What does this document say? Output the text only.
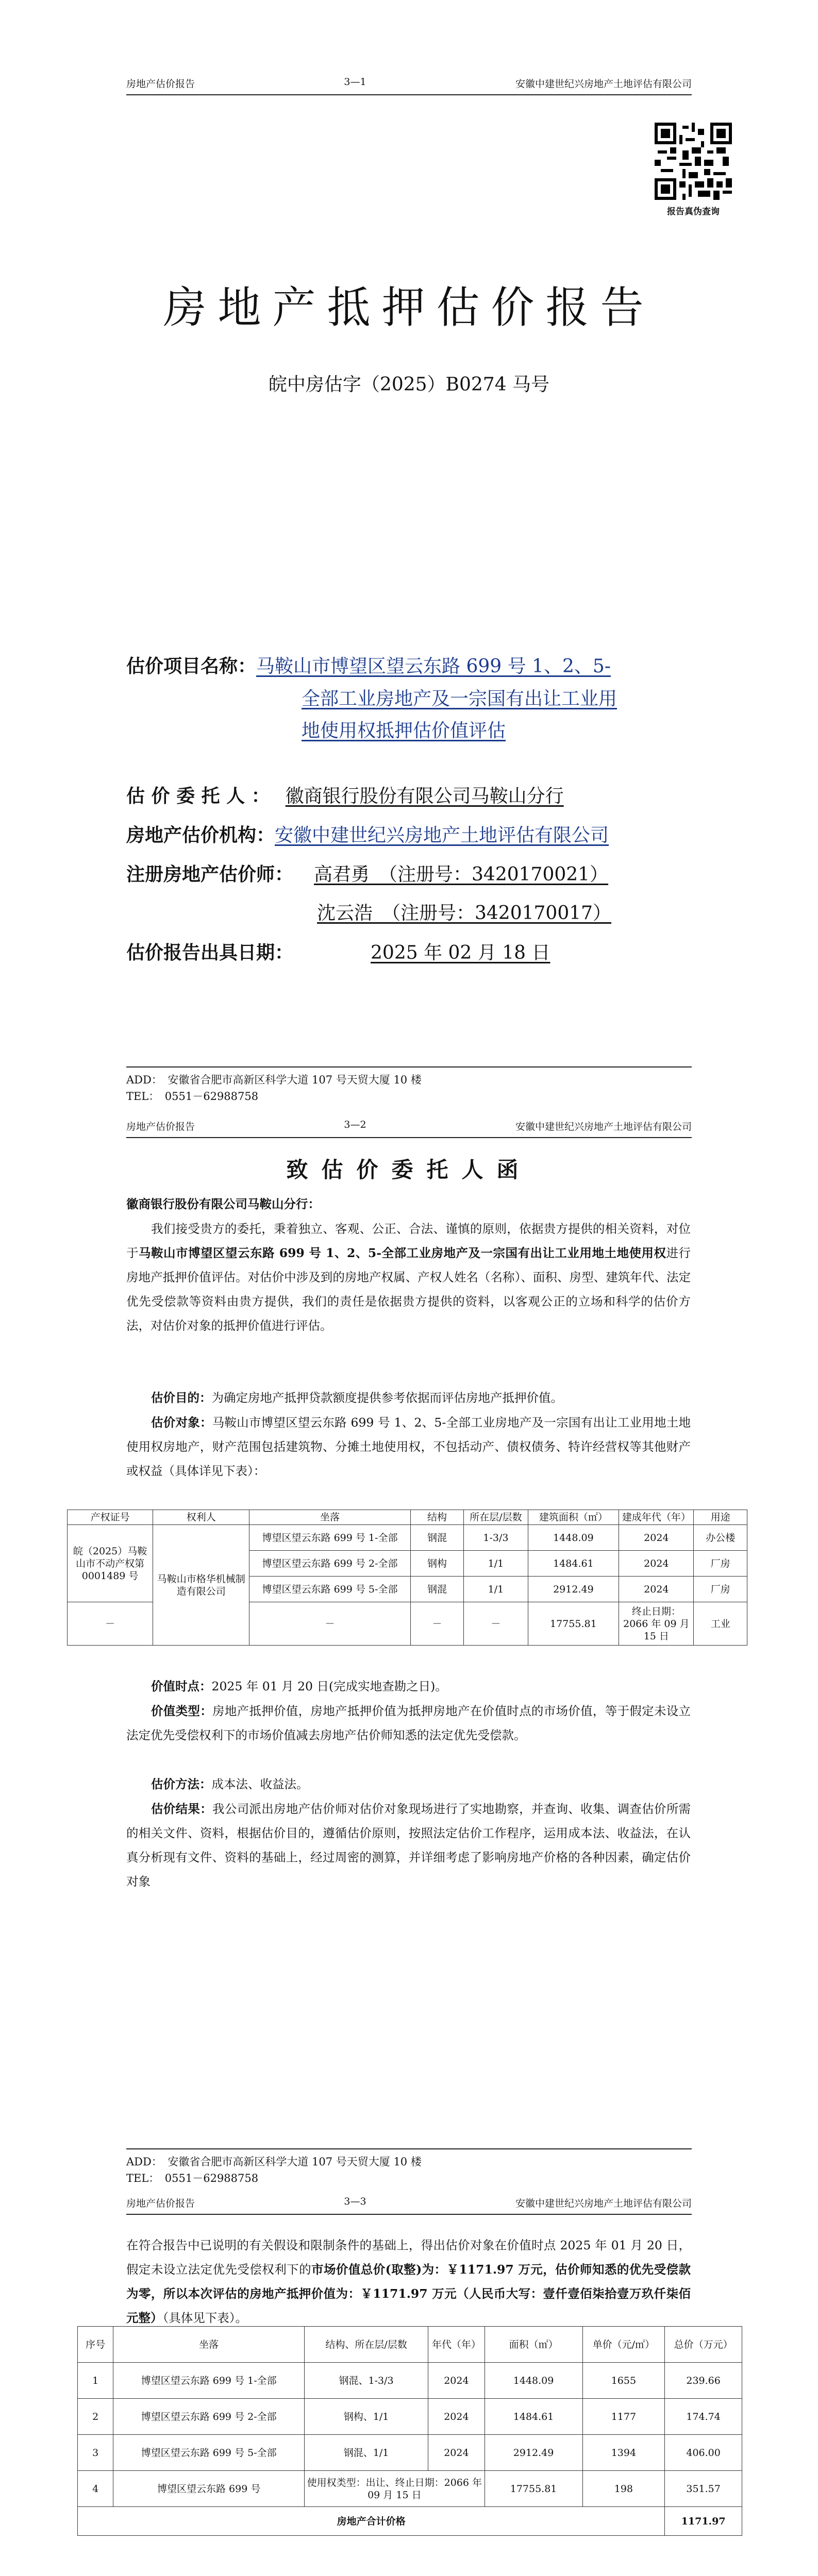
房地产估价报告	3—1	安徽中建世纪兴房地产土地评估有限公司
报告真伪查询
房地产抵押估价报告
皖中房估字（2025）B0274 马号
估价项目名称：马鞍山市博望区望云东路 699 号 1、2、5-
全部工业房地产及一宗国有出让工业用
地使用权抵押估价值评估
估 价 委 托 人 ： 徽商银行股份有限公司马鞍山分行
房地产估价机构：安徽中建世纪兴房地产土地评估有限公司
注册房地产估价师： 高君勇　（注册号：3420170021）
沈云浩　（注册号：3420170017）
估价报告出具日期：	2025 年 02 月 18 日
ADD：　安徽省合肥市高新区科学大道 107 号天贸大厦 10 楼
TEL：　0551－62988758
房地产估价报告	3—2	安徽中建世纪兴房地产土地评估有限公司
致估价委托人函
徽商银行股份有限公司马鞍山分行：
我们接受贵方的委托，秉着独立、客观、公正、合法、谨慎的原则，依据贵方提供的相关资料，对位于马鞍山市博望区望云东路 699 号 1、2、5-全部工业房地产及一宗国有出让工业用地土地使用权进行房地产抵押价值评估。对估价中涉及到的房地产权属、产权人姓名（名称）、面积、房型、建筑年代、法定优先受偿款等资料由贵方提供，我们的责任是依据贵方提供的资料，以客观公正的立场和科学的估价方法，对估价对象的抵押价值进行评估。
估价目的：为确定房地产抵押贷款额度提供参考依据而评估房地产抵押价值。
估价对象：马鞍山市博望区望云东路 699 号 1、2、5-全部工业房地产及一宗国有出让工业用地土地使用权房地产，财产范围包括建筑物、分摊土地使用权，不包括动产、债权债务、特许经营权等其他财产或权益（具体详见下表）：
产权证号	权利人	坐落	结构	所在层/层数	建筑面积（㎡）	建成年代（年）	用途
皖（2025）马鞍山市不动产权第 0001489 号	马鞍山市格华机械制造有限公司	博望区望云东路 699 号 1-全部	钢混	1-3/3	1448.09	2024	办公楼
		博望区望云东路 699 号 2-全部	钢构	1/1	1484.61	2024	厂房
		博望区望云东路 699 号 5-全部	钢混	1/1	2912.49	2024	厂房
－		－	－	－	17755.81	终止日期：2066 年 09 月 15 日	工业
价值时点：2025 年 01 月 20 日(完成实地查勘之日)。
价值类型：房地产抵押价值，房地产抵押价值为抵押房地产在价值时点的市场价值，等于假定未设立法定优先受偿权利下的市场价值减去房地产估价师知悉的法定优先受偿款。
估价方法：成本法、收益法。
估价结果：我公司派出房地产估价师对估价对象现场进行了实地勘察，并查询、收集、调查估价所需的相关文件、资料，根据估价目的，遵循估价原则，按照法定估价工作程序，运用成本法、收益法，在认真分析现有文件、资料的基础上，经过周密的测算，并详细考虑了影响房地产价格的各种因素，确定估价对象
ADD：　安徽省合肥市高新区科学大道 107 号天贸大厦 10 楼
TEL：　0551－62988758
房地产估价报告	3—3	安徽中建世纪兴房地产土地评估有限公司
在符合报告中已说明的有关假设和限制条件的基础上，得出估价对象在价值时点 2025 年 01 月 20 日，假定未设立法定优先受偿权利下的市场价值总价(取整)为：￥1171.97 万元，估价师知悉的优先受偿款为零，所以本次评估的房地产抵押价值为：￥1171.97 万元（人民币大写：壹仟壹佰柒拾壹万玖仟柒佰元整）（具体见下表）。
序号	坐落	结构、所在层/层数	年代（年）	面积（㎡）	单价（元/㎡）	总价（万元）
1	博望区望云东路 699 号 1-全部	钢混、1-3/3	2024	1448.09	1655	239.66
2	博望区望云东路 699 号 2-全部	钢构、1/1	2024	1484.61	1177	174.74
3	博望区望云东路 699 号 5-全部	钢混、1/1	2024	2912.49	1394	406.00
4	博望区望云东路 699 号	使用权类型：出让、终止日期：2066 年 09 月 15 日		17755.81	198	351.57
房地产合计价格						1171.97
